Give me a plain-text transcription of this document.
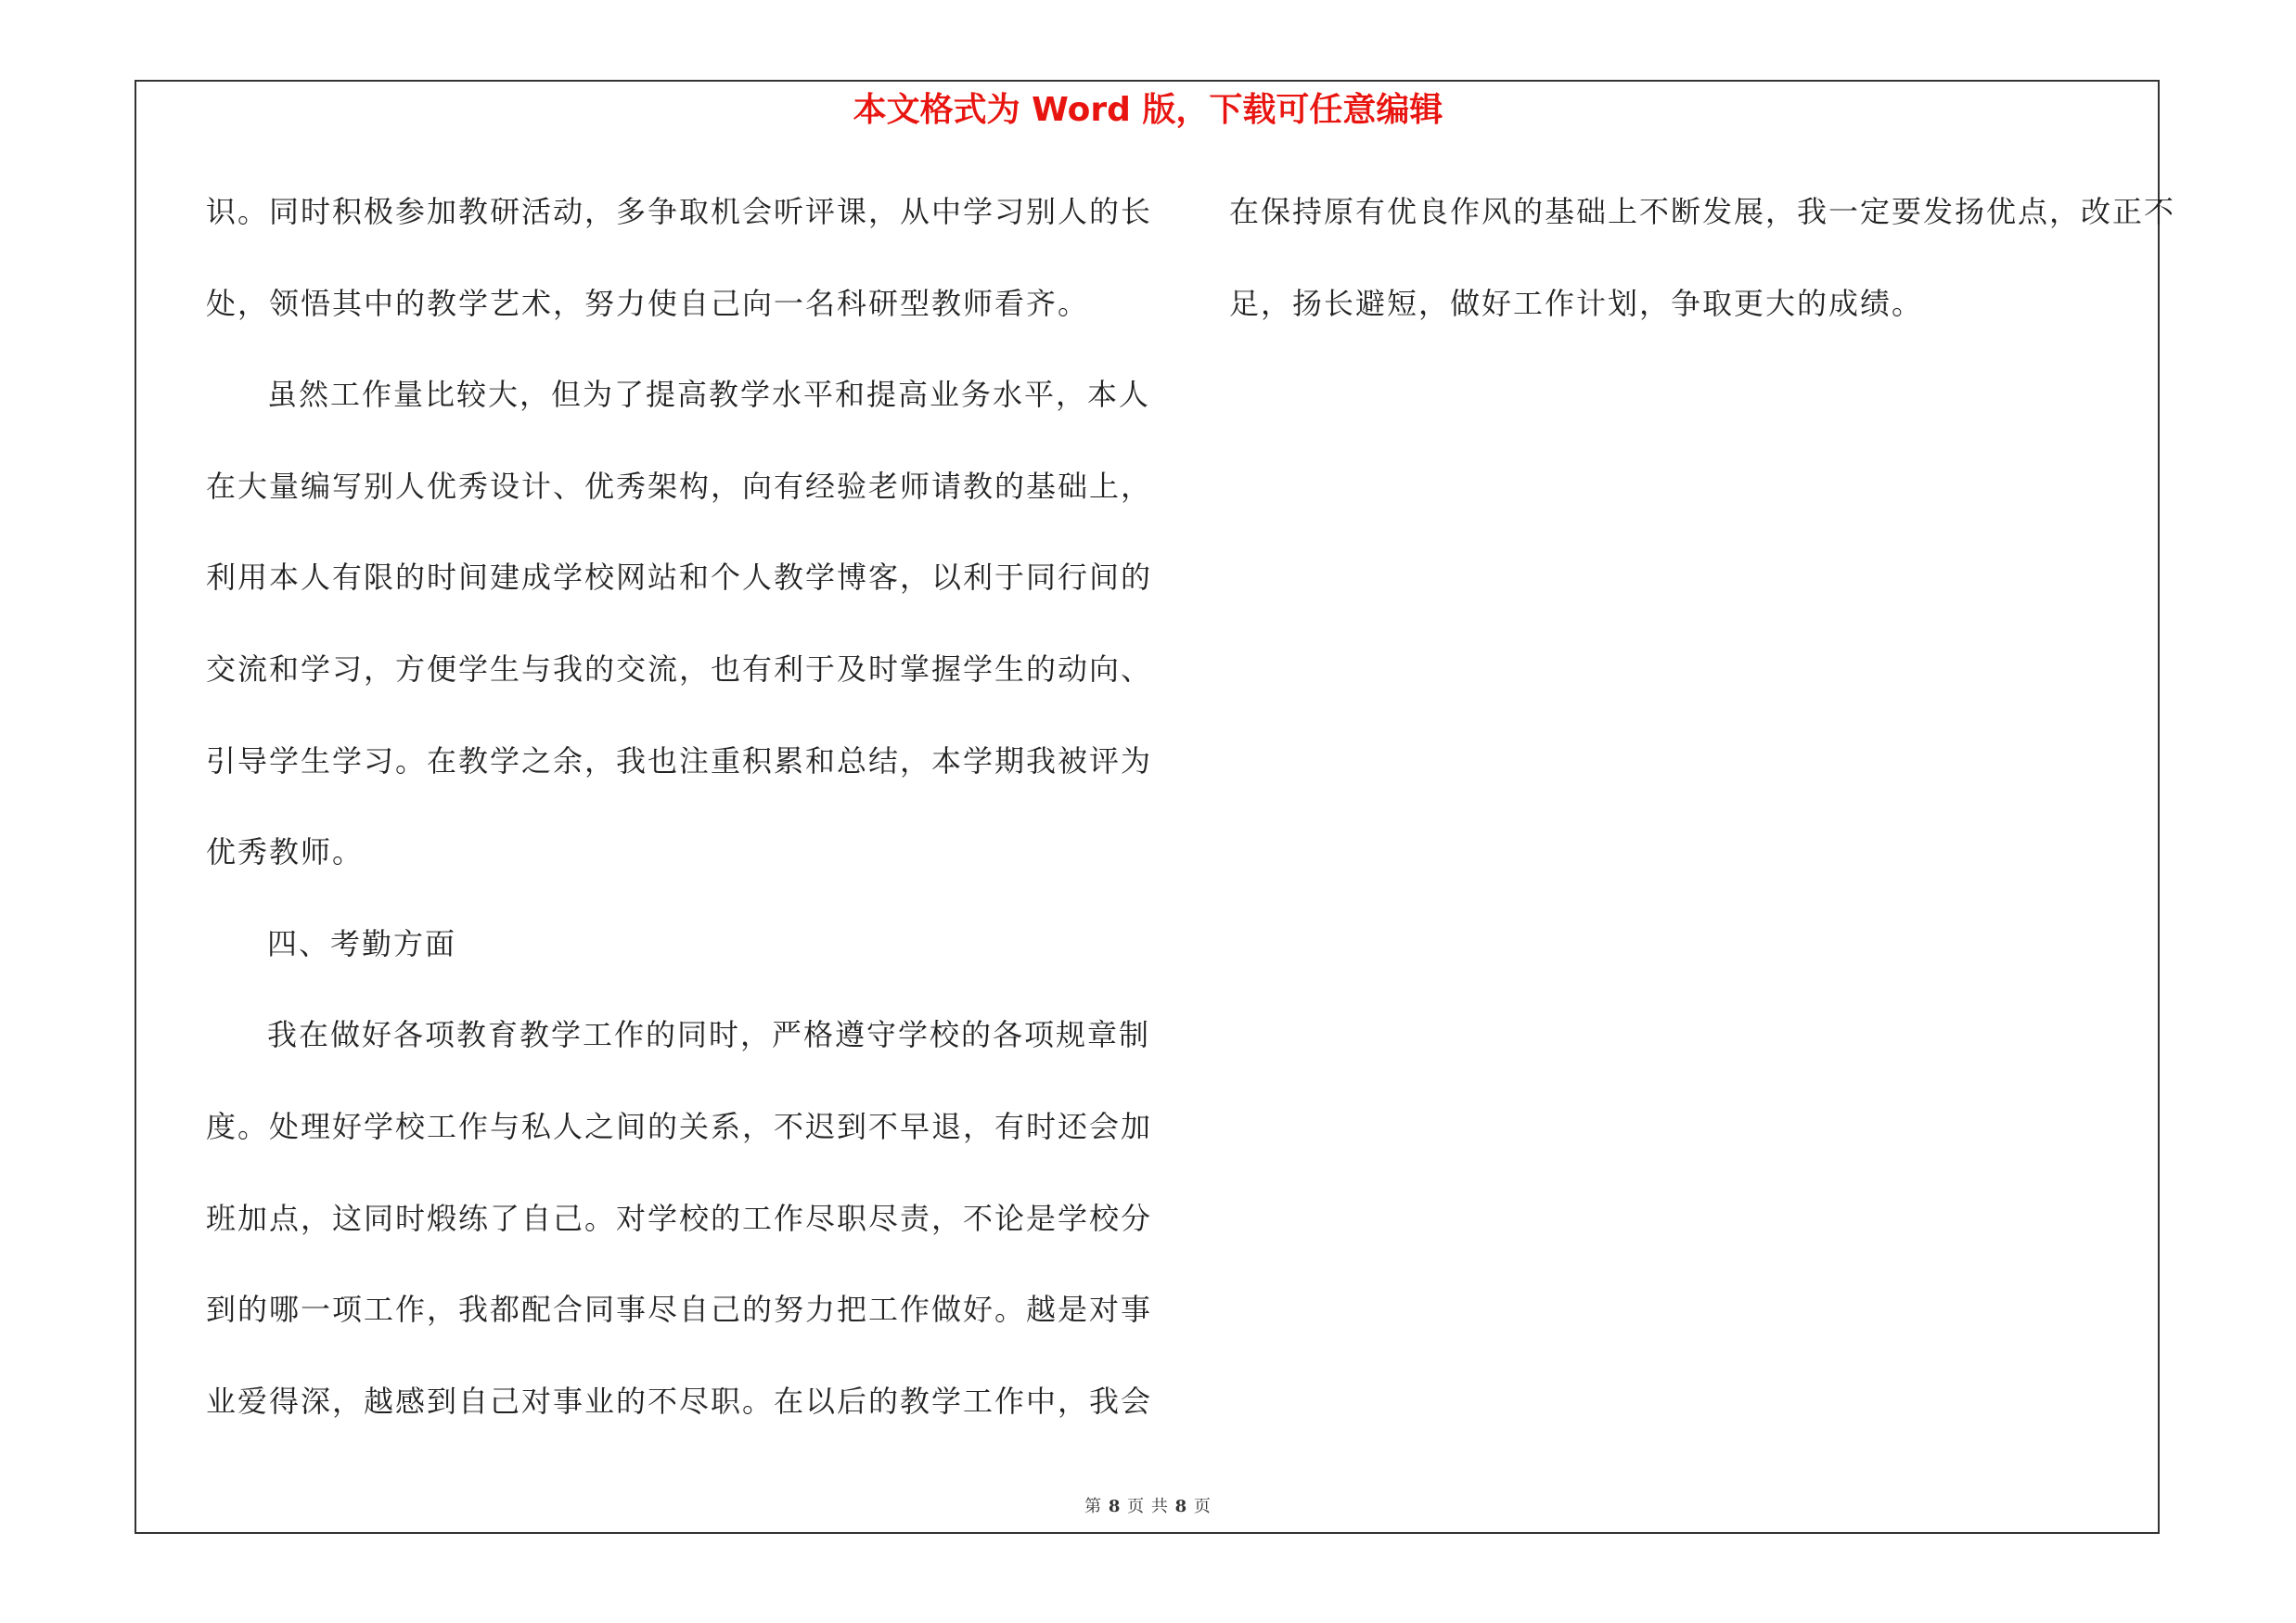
本文格式为 Word 版，下载可任意编辑
识。同时积极参加教研活动，多争取机会听评课，从中学习别人的长
处，领悟其中的教学艺术，努力使自己向一名科研型教师看齐。
虽然工作量比较大，但为了提高教学水平和提高业务水平，本人
在大量编写别人优秀设计、优秀架构，向有经验老师请教的基础上，
利用本人有限的时间建成学校网站和个人教学博客，以利于同行间的
交流和学习，方便学生与我的交流，也有利于及时掌握学生的动向、
引导学生学习。在教学之余，我也注重积累和总结，本学期我被评为
优秀教师。
四、考勤方面
我在做好各项教育教学工作的同时，严格遵守学校的各项规章制
度。处理好学校工作与私人之间的关系，不迟到不早退，有时还会加
班加点，这同时煅练了自己。对学校的工作尽职尽责，不论是学校分
到的哪一项工作，我都配合同事尽自己的努力把工作做好。越是对事
业爱得深，越感到自己对事业的不尽职。在以后的教学工作中，我会
在保持原有优良作风的基础上不断发展，我一定要发扬优点，改正不
足，扬长避短，做好工作计划，争取更大的成绩。
第 8 页 共 8 页
